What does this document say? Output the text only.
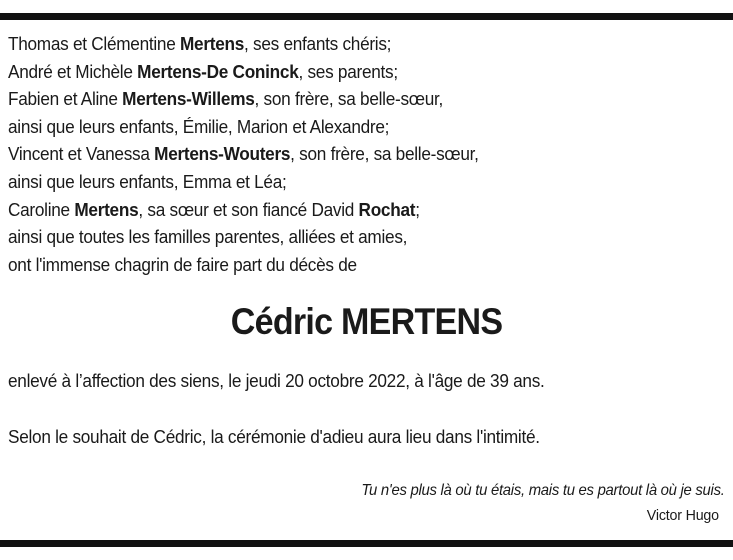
Thomas et Clémentine Mertens, ses enfants chéris;
André et Michèle Mertens-De Coninck, ses parents;
Fabien et Aline Mertens-Willems, son frère, sa belle-sœur,
ainsi que leurs enfants, Émilie, Marion et Alexandre;
Vincent et Vanessa Mertens-Wouters, son frère, sa belle-sœur,
ainsi que leurs enfants, Emma et Léa;
Caroline Mertens, sa sœur et son fiancé David Rochat;
ainsi que toutes les familles parentes, alliées et amies,
ont l'immense chagrin de faire part du décès de
Cédric MERTENS
enlevé à l’affection des siens, le jeudi 20 octobre 2022, à l'âge de 39 ans.
Selon le souhait de Cédric, la cérémonie d'adieu aura lieu dans l'intimité.
Tu n'es plus là où tu étais, mais tu es partout là où je suis.
Victor Hugo
